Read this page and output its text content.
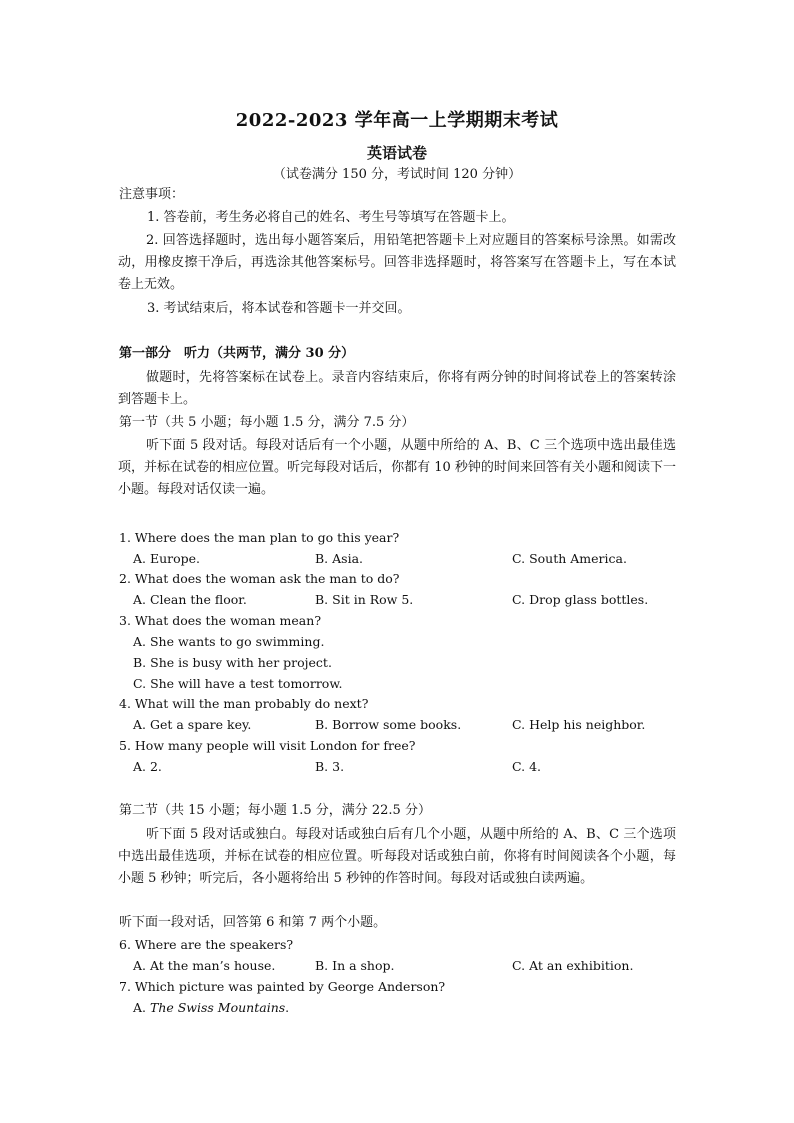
2022-2023 学年高一上学期期末考试
英语试卷
（试卷满分 150 分，考试时间 120 分钟）
注意事项：
1. 答卷前，考生务必将自己的姓名、考生号等填写在答题卡上。
2. 回答选择题时，选出每小题答案后，用铅笔把答题卡上对应题目的答案标号涂黑。如需改动，用橡皮擦干净后，再选涂其他答案标号。回答非选择题时，将答案写在答题卡上，写在本试卷上无效。
3. 考试结束后，将本试卷和答题卡一并交回。
第一部分　听力（共两节，满分 30 分）
做题时，先将答案标在试卷上。录音内容结束后，你将有两分钟的时间将试卷上的答案转涂到答题卡上。
第一节（共 5 小题；每小题 1.5 分，满分 7.5 分）
听下面 5 段对话。每段对话后有一个小题，从题中所给的 A、B、C 三个选项中选出最佳选项，并标在试卷的相应位置。听完每段对话后，你都有 10 秒钟的时间来回答有关小题和阅读下一小题。每段对话仅读一遍。
1. Where does the man plan to go this year?
A. Europe.	B. Asia.	C. South America.
2. What does the woman ask the man to do?
A. Clean the floor.	B. Sit in Row 5.	C. Drop glass bottles.
3. What does the woman mean?
A. She wants to go swimming.
B. She is busy with her project.
C. She will have a test tomorrow.
4. What will the man probably do next?
A. Get a spare key.	B. Borrow some books.	C. Help his neighbor.
5. How many people will visit London for free?
A. 2.	B. 3.	C. 4.
第二节（共 15 小题；每小题 1.5 分，满分 22.5 分）
听下面 5 段对话或独白。每段对话或独白后有几个小题，从题中所给的 A、B、C 三个选项中选出最佳选项，并标在试卷的相应位置。听每段对话或独白前，你将有时间阅读各个小题，每小题 5 秒钟；听完后，各小题将给出 5 秒钟的作答时间。每段对话或独白读两遍。
听下面一段对话，回答第 6 和第 7 两个小题。
6. Where are the speakers?
A. At the man’s house.	B. In a shop.	C. At an exhibition.
7. Which picture was painted by George Anderson?
A. The Swiss Mountains.
